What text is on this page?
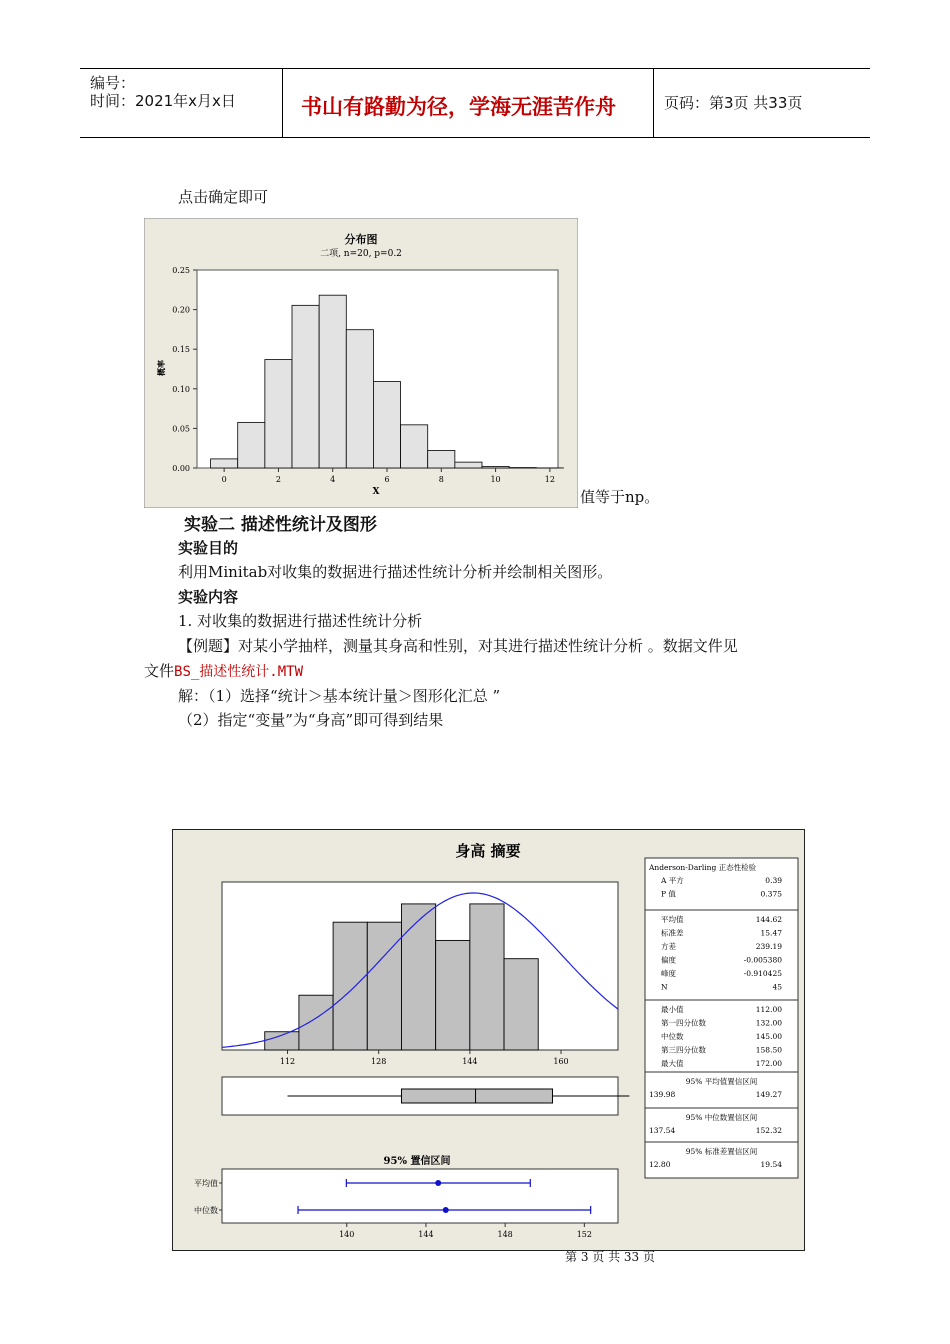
编号：
时间：2021年x月x日	书山有路勤为径，学海无涯苦作舟	页码：第3页 共33页
点击确定即可
分布图
二项, n=20, p=0.2
0.00
0.05
0.10
0.15
0.20
0.25
0	2	4	6	8	10	12
概率
X	值等于np。
实验二 描述性统计及图形
实验目的
利用Minitab对收集的数据进行描述性统计分析并绘制相关图形。
实验内容
1. 对收集的数据进行描述性统计分析
【例题】对某小学抽样，测量其身高和性别，对其进行描述性统计分析 。数据文件见
文件BS_描述性统计.MTW
解：（1）选择“统计＞基本统计量＞图形化汇总 ”
（2）指定“变量”为“身高”即可得到结果
身高 摘要
112	128	144	160
95% 置信区间
平均值
中位数
140	144	148	152
Anderson-Darling 正态性检验
A 平方	0.39
P 值	0.375
平均值	144.62
标准差	15.47
方差	239.19
偏度	-0.005380
峰度	-0.910425
N	45
最小值	112.00
第一四分位数	132.00
中位数	145.00
第三四分位数	158.50
最大值	172.00
95% 平均值置信区间
139.98	149.27
95% 中位数置信区间
137.54	152.32
95% 标准差置信区间
12.80	19.54
第 3 页 共 33 页
